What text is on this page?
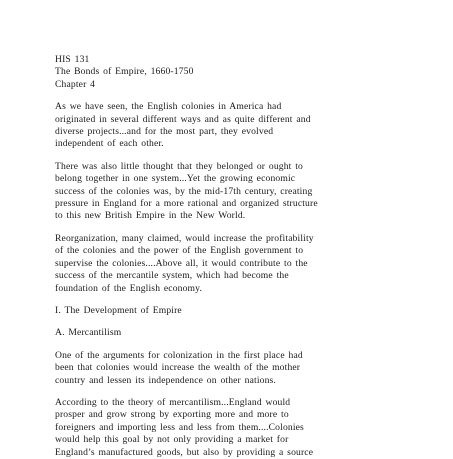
HIS 131
The Bonds of Empire, 1660-1750
Chapter 4
As we have seen, the English colonies in America had
originated in several different ways and as quite different and
diverse projects...and for the most part, they evolved
independent of each other.
There was also little thought that they belonged or ought to
belong together in one system...Yet the growing economic
success of the colonies was, by the mid-17th century, creating
pressure in England for a more rational and organized structure
to this new British Empire in the New World.
Reorganization, many claimed, would increase the profitability
of the colonies and the power of the English government to
supervise the colonies....Above all, it would contribute to the
success of the mercantile system, which had become the
foundation of the English economy.
I. The Development of Empire
A. Mercantilism
One of the arguments for colonization in the first place had
been that colonies would increase the wealth of the mother
country and lessen its independence on other nations.
According to the theory of mercantilism...England would
prosper and grow strong by exporting more and more to
foreigners and importing less and less from them....Colonies
would help this goal by not only providing a market for
England’s manufactured goods, but also by providing a source
